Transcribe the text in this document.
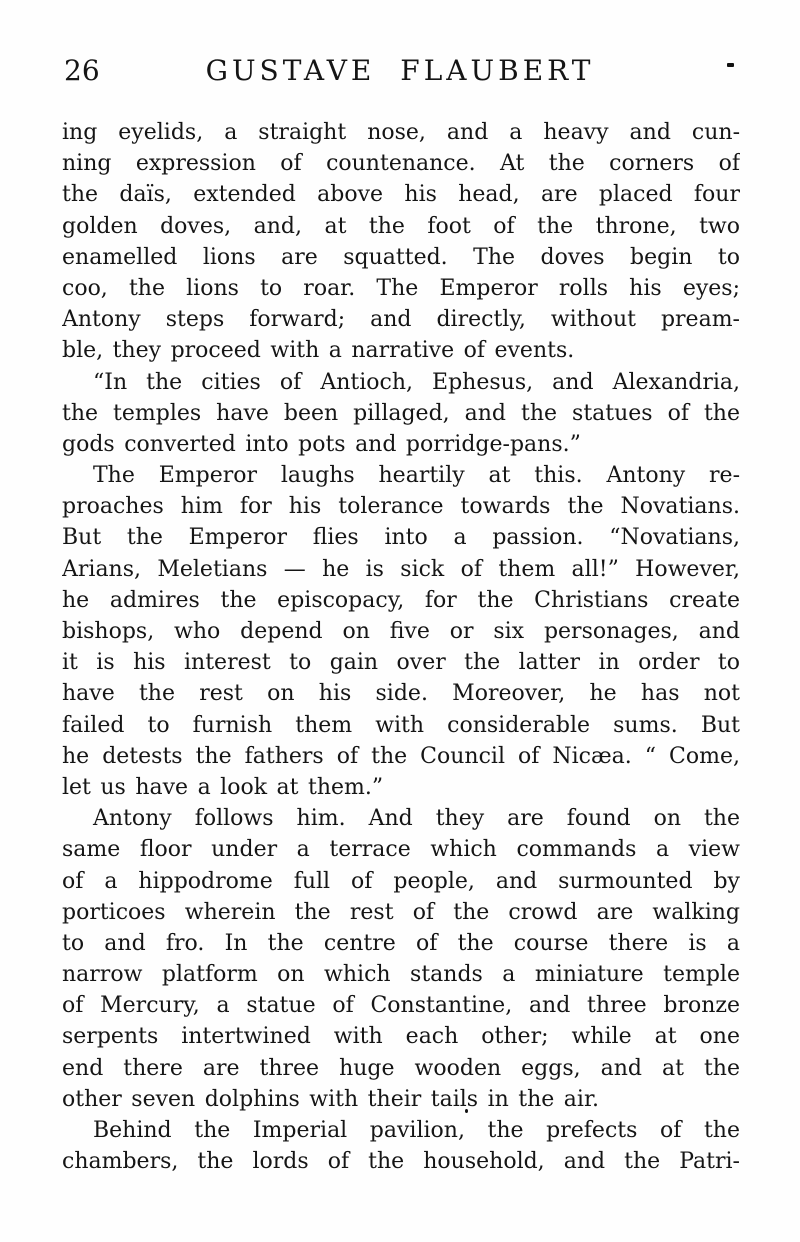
26	GUSTAVE FLAUBERT
ing eyelids, a straight nose, and a heavy and cun-
ning expression of countenance. At the corners of
the daïs, extended above his head, are placed four
golden doves, and, at the foot of the throne, two
enamelled lions are squatted. The doves begin to
coo, the lions to roar. The Emperor rolls his eyes;
Antony steps forward; and directly, without pream-
ble, they proceed with a narrative of events.
“In the cities of Antioch, Ephesus, and Alexandria,
the temples have been pillaged, and the statues of the
gods converted into pots and porridge-pans.”
The Emperor laughs heartily at this. Antony re-
proaches him for his tolerance towards the Novatians.
But the Emperor flies into a passion. “Novatians,
Arians, Meletians — he is sick of them all!” However,
he admires the episcopacy, for the Christians create
bishops, who depend on five or six personages, and
it is his interest to gain over the latter in order to
have the rest on his side. Moreover, he has not
failed to furnish them with considerable sums. But
he detests the fathers of the Council of Nicæa. “ Come,
let us have a look at them.”
Antony follows him. And they are found on the
same floor under a terrace which commands a view
of a hippodrome full of people, and surmounted by
porticoes wherein the rest of the crowd are walking
to and fro. In the centre of the course there is a
narrow platform on which stands a miniature temple
of Mercury, a statue of Constantine, and three bronze
serpents intertwined with each other; while at one
end there are three huge wooden eggs, and at the
other seven dolphins with their tails in the air.
Behind the Imperial pavilion, the prefects of the
chambers, the lords of the household, and the Patri-
